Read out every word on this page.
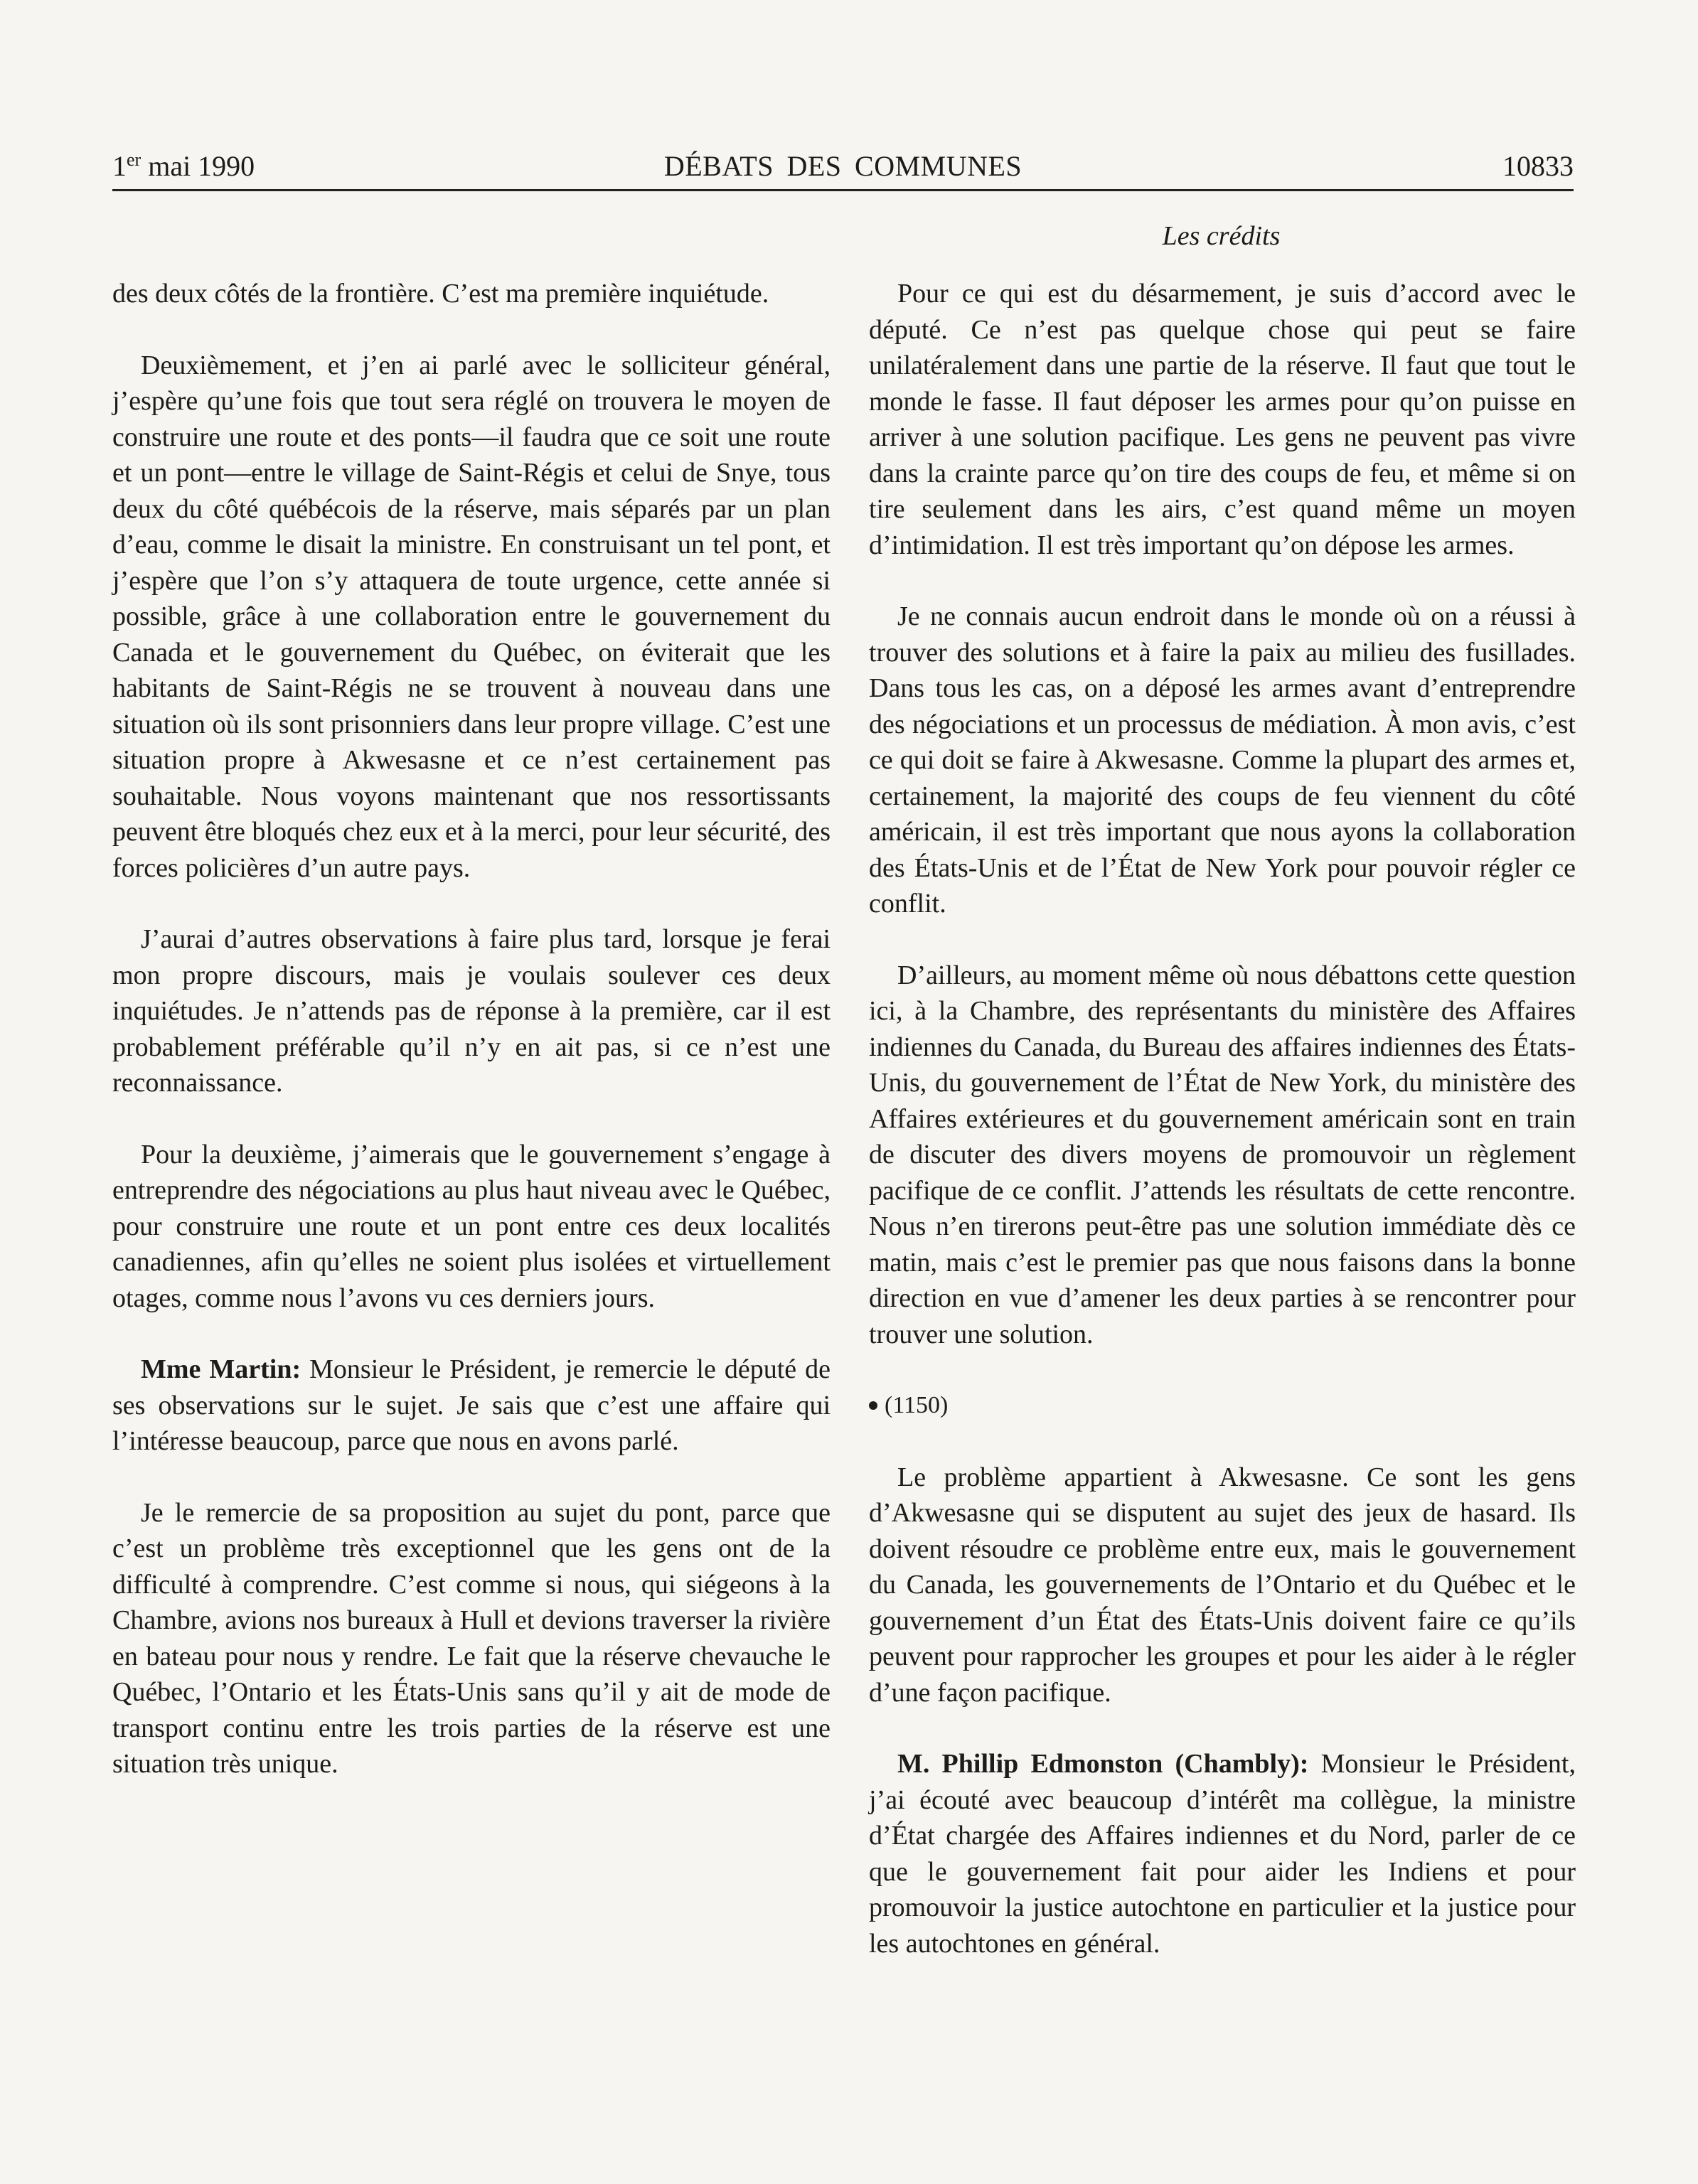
1er mai 1990	DÉBATS DES COMMUNES	10833
Les crédits

des deux côtés de la frontière. C’est ma première inquiétude.

Deuxièmement, et j’en ai parlé avec le solliciteur général, j’espère qu’une fois que tout sera réglé on trouvera le moyen de construire une route et des ponts—il faudra que ce soit une route et un pont—entre le village de Saint-Régis et celui de Snye, tous deux du côté québécois de la réserve, mais séparés par un plan d’eau, comme le disait la ministre. En construisant un tel pont, et j’espère que l’on s’y attaquera de toute urgence, cette année si possible, grâce à une collaboration entre le gouvernement du Canada et le gouvernement du Québec, on éviterait que les habitants de Saint-Régis ne se trouvent à nouveau dans une situation où ils sont prisonniers dans leur propre village. C’est une situation propre à Akwesasne et ce n’est certainement pas souhaitable. Nous voyons maintenant que nos ressortissants peuvent être bloqués chez eux et à la merci, pour leur sécurité, des forces policières d’un autre pays.

J’aurai d’autres observations à faire plus tard, lorsque je ferai mon propre discours, mais je voulais soulever ces deux inquiétudes. Je n’attends pas de réponse à la première, car il est probablement préférable qu’il n’y en ait pas, si ce n’est une reconnaissance.

Pour la deuxième, j’aimerais que le gouvernement s’engage à entreprendre des négociations au plus haut niveau avec le Québec, pour construire une route et un pont entre ces deux localités canadiennes, afin qu’elles ne soient plus isolées et virtuellement otages, comme nous l’avons vu ces derniers jours.

Mme Martin: Monsieur le Président, je remercie le député de ses observations sur le sujet. Je sais que c’est une affaire qui l’intéresse beaucoup, parce que nous en avons parlé.

Je le remercie de sa proposition au sujet du pont, parce que c’est un problème très exceptionnel que les gens ont de la difficulté à comprendre. C’est comme si nous, qui siégeons à la Chambre, avions nos bureaux à Hull et devions traverser la rivière en bateau pour nous y rendre. Le fait que la réserve chevauche le Québec, l’Ontario et les États-Unis sans qu’il y ait de mode de transport continu entre les trois parties de la réserve est une situation très unique.

Pour ce qui est du désarmement, je suis d’accord avec le député. Ce n’est pas quelque chose qui peut se faire unilatéralement dans une partie de la réserve. Il faut que tout le monde le fasse. Il faut déposer les armes pour qu’on puisse en arriver à une solution pacifique. Les gens ne peuvent pas vivre dans la crainte parce qu’on tire des coups de feu, et même si on tire seulement dans les airs, c’est quand même un moyen d’intimidation. Il est très important qu’on dépose les armes.

Je ne connais aucun endroit dans le monde où on a réussi à trouver des solutions et à faire la paix au milieu des fusillades. Dans tous les cas, on a déposé les armes avant d’entreprendre des négociations et un processus de médiation. À mon avis, c’est ce qui doit se faire à Akwesasne. Comme la plupart des armes et, certainement, la majorité des coups de feu viennent du côté américain, il est très important que nous ayons la collaboration des États-Unis et de l’État de New York pour pouvoir régler ce conflit.

D’ailleurs, au moment même où nous débattons cette question ici, à la Chambre, des représentants du ministère des Affaires indiennes du Canada, du Bureau des affaires indiennes des États-Unis, du gouvernement de l’État de New York, du ministère des Affaires extérieures et du gouvernement américain sont en train de discuter des divers moyens de promouvoir un règlement pacifique de ce conflit. J’attends les résultats de cette rencontre. Nous n’en tirerons peut-être pas une solution immédiate dès ce matin, mais c’est le premier pas que nous faisons dans la bonne direction en vue d’amener les deux parties à se rencontrer pour trouver une solution.

(1150)

Le problème appartient à Akwesasne. Ce sont les gens d’Akwesasne qui se disputent au sujet des jeux de hasard. Ils doivent résoudre ce problème entre eux, mais le gouvernement du Canada, les gouvernements de l’Ontario et du Québec et le gouvernement d’un État des États-Unis doivent faire ce qu’ils peuvent pour rapprocher les groupes et pour les aider à le régler d’une façon pacifique.

M. Phillip Edmonston (Chambly): Monsieur le Président, j’ai écouté avec beaucoup d’intérêt ma collègue, la ministre d’État chargée des Affaires indiennes et du Nord, parler de ce que le gouvernement fait pour aider les Indiens et pour promouvoir la justice autochtone en particulier et la justice pour les autochtones en général.
